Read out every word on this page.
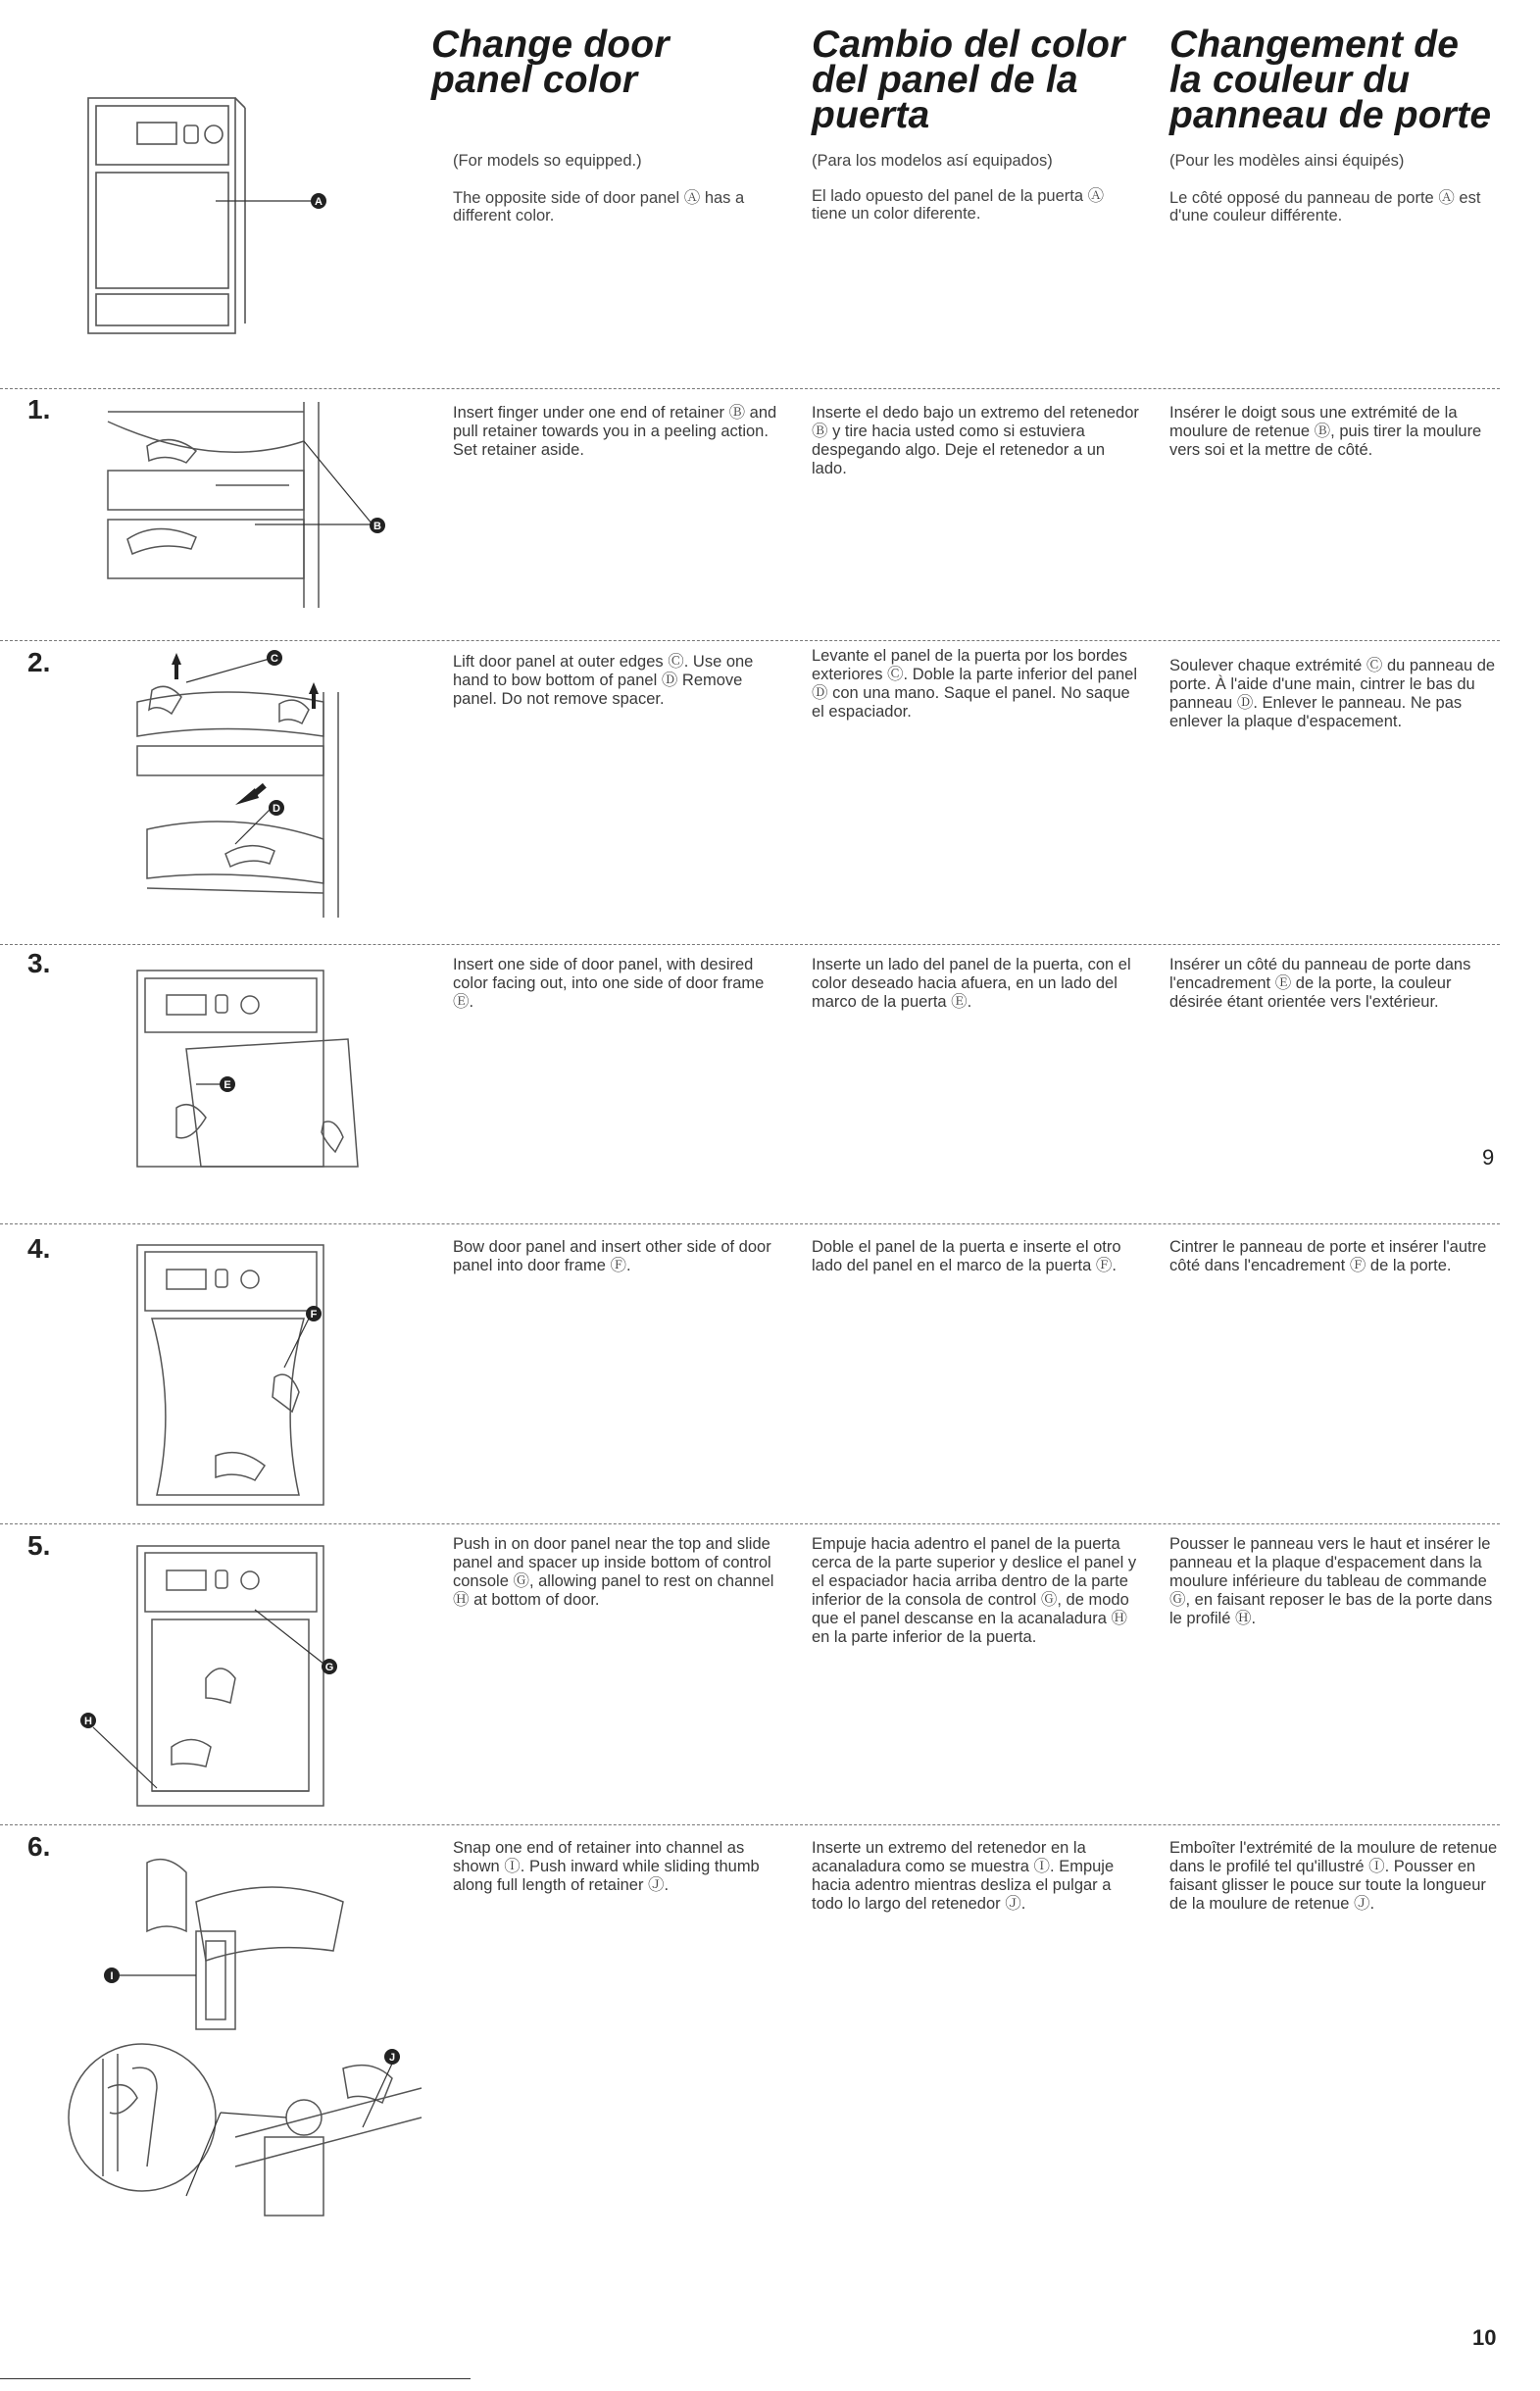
Change door panel color
Cambio del color del panel de la puerta
Changement de la couleur du panneau de porte

(For models so equipped.)

The opposite side of door panel Ⓐ has a different color.

(Para los modelos así equipados)

El lado opuesto del panel de la puerta Ⓐ tiene un color diferente.

(Pour les modèles ainsi équipés)

Le côté opposé du panneau de porte Ⓐ est d'une couleur différente.

A
1.
B
Insert finger under one end of retainer Ⓑ and pull retainer towards you in a peeling action. Set retainer aside.
Inserte el dedo bajo un extremo del retenedor Ⓑ y tire hacia usted como si estuviera despegando algo. Deje el retenedor a un lado.
Insérer le doigt sous une extrémité de la moulure de retenue Ⓑ, puis tirer la moulure vers soi et la mettre de côté.
2.	C
D
Lift door panel at outer edges Ⓒ. Use one hand to bow bottom of panel Ⓓ Remove panel. Do not remove spacer.
Levante el panel de la puerta por los bordes exteriores Ⓒ. Doble la parte inferior del panel Ⓓ con una mano. Saque el panel. No saque el espaciador.
Soulever chaque extrémité Ⓒ du panneau de porte. À l'aide d'une main, cintrer le bas du panneau Ⓓ. Enlever le panneau. Ne pas enlever la plaque d'espacement.
3.
E
Insert one side of door panel, with desired color facing out, into one side of door frame Ⓔ.
Inserte un lado del panel de la puerta, con el color deseado hacia afuera, en un lado del marco de la puerta Ⓔ.
Insérer un côté du panneau de porte dans l'encadrement Ⓔ de la porte, la couleur désirée étant orientée vers l'extérieur.
9
4.
F
Bow door panel and insert other side of door panel into door frame Ⓕ.
Doble el panel de la puerta e inserte el otro lado del panel en el marco de la puerta Ⓕ.
Cintrer le panneau de porte et insérer l'autre côté dans l'encadrement Ⓕ de la porte.
5.
G
H
Push in on door panel near the top and slide panel and spacer up inside bottom of control console Ⓖ, allowing panel to rest on channel Ⓗ at bottom of door.
Empuje hacia adentro el panel de la puerta cerca de la parte superior y deslice el panel y el espaciador hacia arriba dentro de la parte inferior de la consola de control Ⓖ, de modo que el panel descanse en la acanaladura Ⓗ en la parte inferior de la puerta.
Pousser le panneau vers le haut et insérer le panneau et la plaque d'espacement dans la moulure inférieure du tableau de commande Ⓖ, en faisant reposer le bas de la porte dans le profilé Ⓗ.
6.
I
J
Snap one end of retainer into channel as shown Ⓘ. Push inward while sliding thumb along full length of retainer Ⓙ.
Inserte un extremo del retenedor en la acanaladura como se muestra Ⓘ. Empuje hacia adentro mientras desliza el pulgar a todo lo largo del retenedor Ⓙ.
Emboîter l'extrémité de la moulure de retenue dans le profilé tel qu'illustré Ⓘ. Pousser en faisant glisser le pouce sur toute la longueur de la moulure de retenue Ⓙ.
10
